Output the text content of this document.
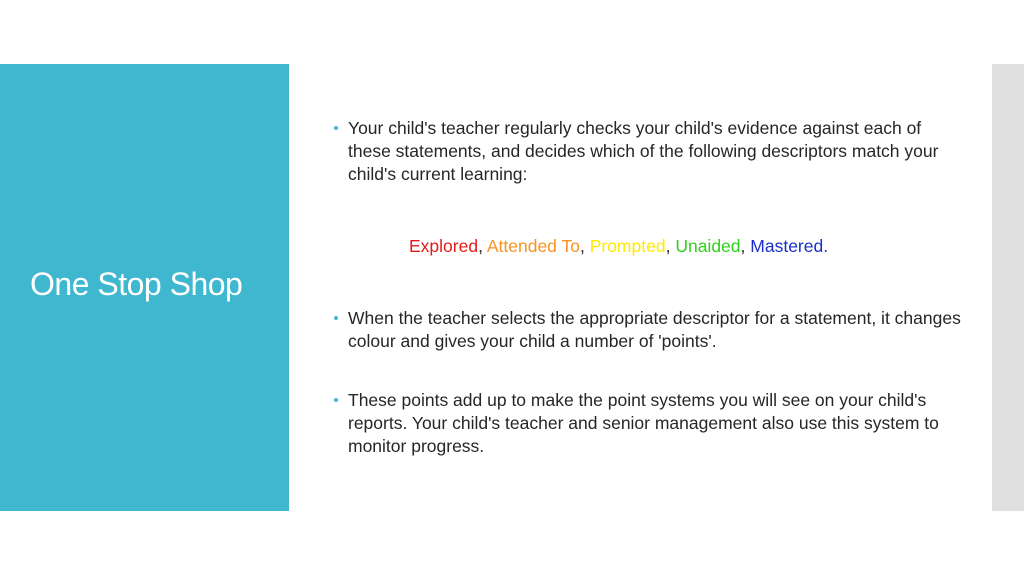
One Stop Shop
Your child's teacher regularly checks your child's evidence against each of these statements, and decides which of the following descriptors match your child's current learning:
Explored, Attended To, Prompted, Unaided, Mastered.
When the teacher selects the appropriate descriptor for a statement, it changes colour and gives your child a number of 'points'.
These points add up to make the point systems you will see on your child's reports. Your child's teacher and senior management also use this system to monitor progress.
